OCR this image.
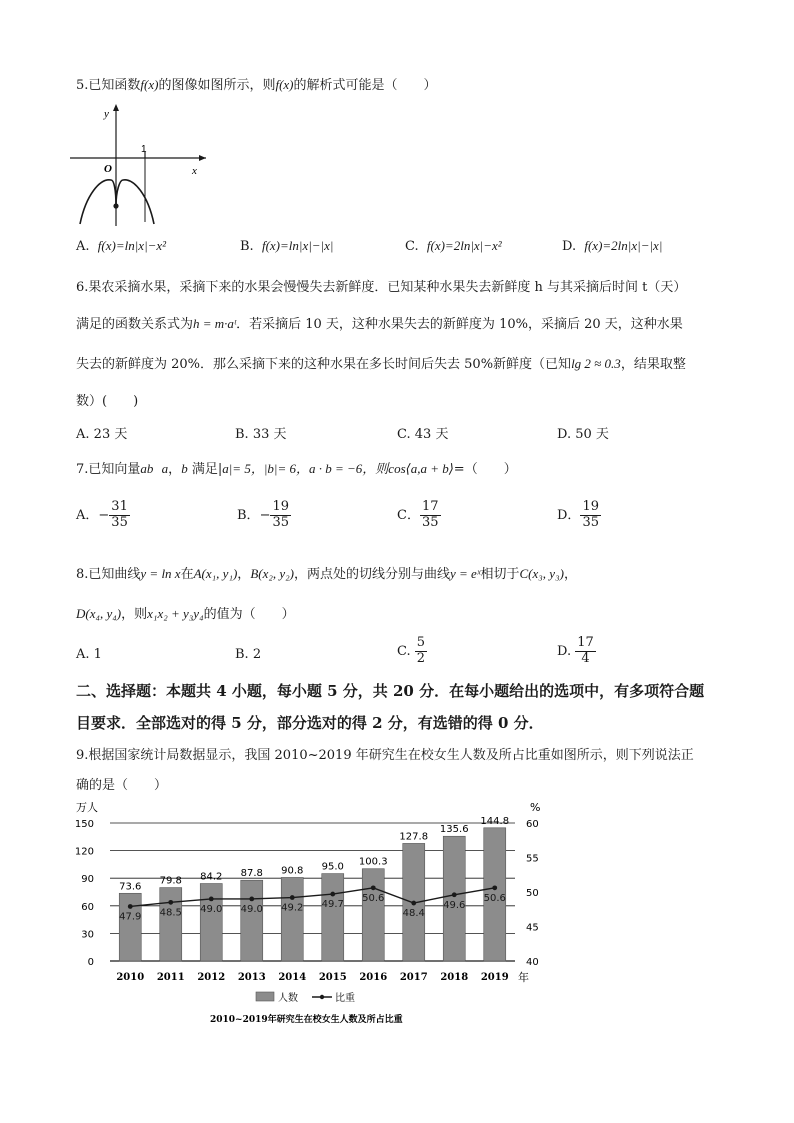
5.已知函数f(x)的图像如图所示，则f(x)的解析式可能是（　　）
y
x
O
1
A. f(x)=ln|x|−x²	B. f(x)=ln|x|−|x|	C. f(x)=2ln|x|−x²	D. f(x)=2ln|x|−|x|
6.果农采摘水果，采摘下来的水果会慢慢失去新鲜度．已知某种水果失去新鲜度 h 与其采摘后时间 t（天）
满足的函数关系式为h = m·aᵗ．若采摘后 10 天，这种水果失去的新鲜度为 10%，采摘后 20 天，这种水果
失去的新鲜度为 20%．那么采摘下来的这种水果在多长时间后失去 50%新鲜度（已知lg 2 ≈ 0.3，结果取整
数）(　　)
A. 23 天	B. 33 天	C. 43 天	D. 50 天
7.已知向量ab a，b 满足|a|= 5，|b|= 6，a · b = −6，则cos⟨a,a + b⟩=（　　）
A．− $\frac{31}{35}$	B．− $\frac{19}{35}$	C． $\frac{17}{35}$	D． $\frac{19}{35}$
8.已知曲线y = ln x在A(x₁, y₁)，B(x₂, y₂)，两点处的切线分别与曲线y = eˣ相切于C(x₃, y₃)，
D(x₄, y₄)，则x₁x₂ + y₃y₄的值为（　　）
A. 1	B. 2	C. $\frac{5}{2}$	D. $\frac{17}{4}$
二、选择题：本题共 4 小题，每小题 5 分，共 20 分．在每小题给出的选项中，有多项符合题
目要求．全部选对的得 5 分，部分选对的得 2 分，有选错的得 0 分．
9.根据国家统计局数据显示，我国 2010~2019 年研究生在校女生人数及所占比重如图所示，则下列说法正
确的是（　　）
万人	%
年
0
30
60
90
120
150
40
45
50
55
60
73.6
79.8 84.2 87.8 90.8 95.0 100.3
127.8
135.6
144.8
47.9 48.5 49.0 49.0 49.2 49.7
50.6
48.4
49.6
50.6
2010 2011 2012 2013 2014 2015 2016 2017 2018 2019
人数	比重
2010~2019年研究生在校女生人数及所占比重
